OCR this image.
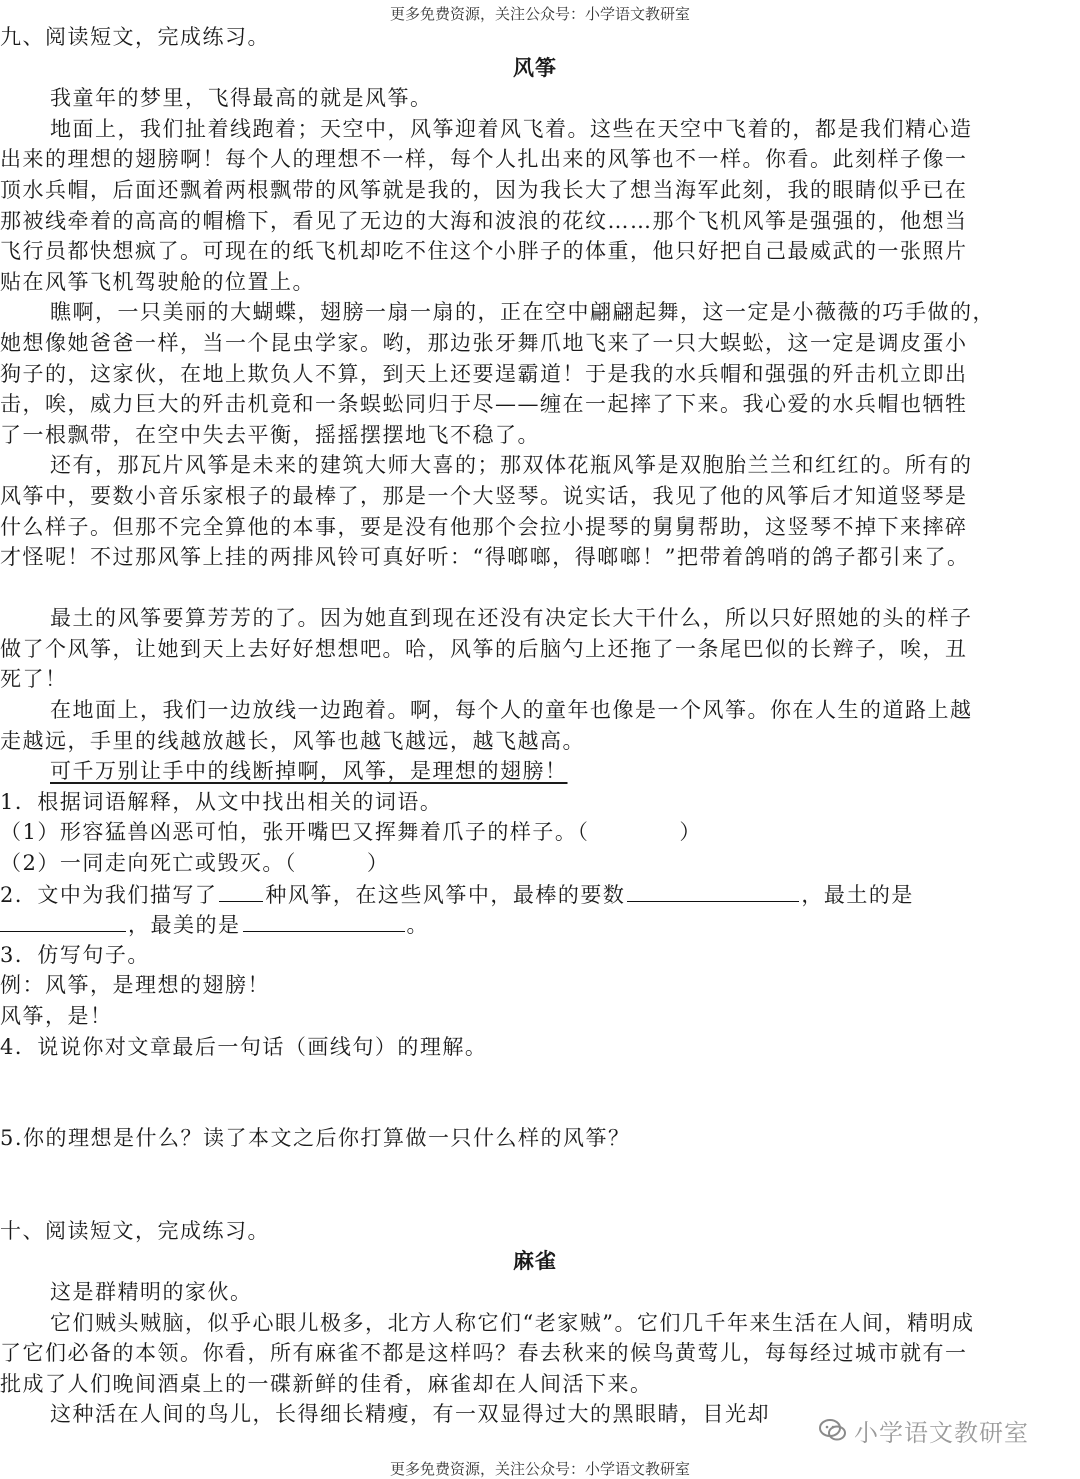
更多免费资源，关注公众号：小学语文教研室
九、阅读短文，完成练习。
风筝
我童年的梦里，飞得最高的就是风筝。
地面上，我们扯着线跑着；天空中，风筝迎着风飞着。这些在天空中飞着的，都是我们精心造
出来的理想的翅膀啊！每个人的理想不一样，每个人扎出来的风筝也不一样。你看。此刻样子像一
顶水兵帽，后面还飘着两根飘带的风筝就是我的，因为我长大了想当海军此刻，我的眼睛似乎已在
那被线牵着的高高的帽檐下，看见了无边的大海和波浪的花纹……那个飞机风筝是强强的，他想当
飞行员都快想疯了。可现在的纸飞机却吃不住这个小胖子的体重，他只好把自己最威武的一张照片
贴在风筝飞机驾驶舱的位置上。
瞧啊，一只美丽的大蝴蝶，翅膀一扇一扇的，正在空中翩翩起舞，这一定是小薇薇的巧手做的，
她想像她爸爸一样，当一个昆虫学家。哟，那边张牙舞爪地飞来了一只大蜈蚣，这一定是调皮蛋小
狗子的，这家伙，在地上欺负人不算，到天上还要逞霸道！于是我的水兵帽和强强的歼击机立即出
击，唉，威力巨大的歼击机竟和一条蜈蚣同归于尽——缠在一起摔了下来。我心爱的水兵帽也牺牲
了一根飘带，在空中失去平衡，摇摇摆摆地飞不稳了。
还有，那瓦片风筝是未来的建筑大师大喜的；那双体花瓶风筝是双胞胎兰兰和红红的。所有的
风筝中，要数小音乐家根子的最棒了，那是一个大竖琴。说实话，我见了他的风筝后才知道竖琴是
什么样子。但那不完全算他的本事，要是没有他那个会拉小提琴的舅舅帮助，这竖琴不掉下来摔碎
才怪呢！不过那风筝上挂的两排风铃可真好听：“得啷啷，得啷啷！”把带着鸽哨的鸽子都引来了。
最土的风筝要算芳芳的了。因为她直到现在还没有决定长大干什么，所以只好照她的头的样子
做了个风筝，让她到天上去好好想想吧。哈，风筝的后脑勺上还拖了一条尾巴似的长辫子，唉，丑
死了！
在地面上，我们一边放线一边跑着。啊，每个人的童年也像是一个风筝。你在人生的道路上越
走越远，手里的线越放越长，风筝也越飞越远，越飞越高。
可千万别让手中的线断掉啊，风筝，是理想的翅膀！
1．根据词语解释，从文中找出相关的词语。
（1）形容猛兽凶恶可怕，张开嘴巴又挥舞着爪子的样子。（	）
（2）一同走向死亡或毁灭。（	）
2．文中为我们描写了 种风筝，在这些风筝中，最棒的要数	，最土的是
，最美的是	。
3．仿写句子。
例：风筝，是理想的翅膀！
风筝，是！
4．说说你对文章最后一句话（画线句）的理解。
5.你的理想是什么？读了本文之后你打算做一只什么样的风筝？
十、阅读短文，完成练习。
麻雀
这是群精明的家伙。
它们贼头贼脑，似乎心眼儿极多，北方人称它们“老家贼”。它们几千年来生活在人间，精明成
了它们必备的本领。你看，所有麻雀不都是这样吗？春去秋来的候鸟黄莺儿，每每经过城市就有一
批成了人们晚间酒桌上的一碟新鲜的佳肴，麻雀却在人间活下来。
这种活在人间的鸟儿，长得细长精瘦，有一双显得过大的黑眼睛，目光却
小学语文教研室
更多免费资源，关注公众号：小学语文教研室
